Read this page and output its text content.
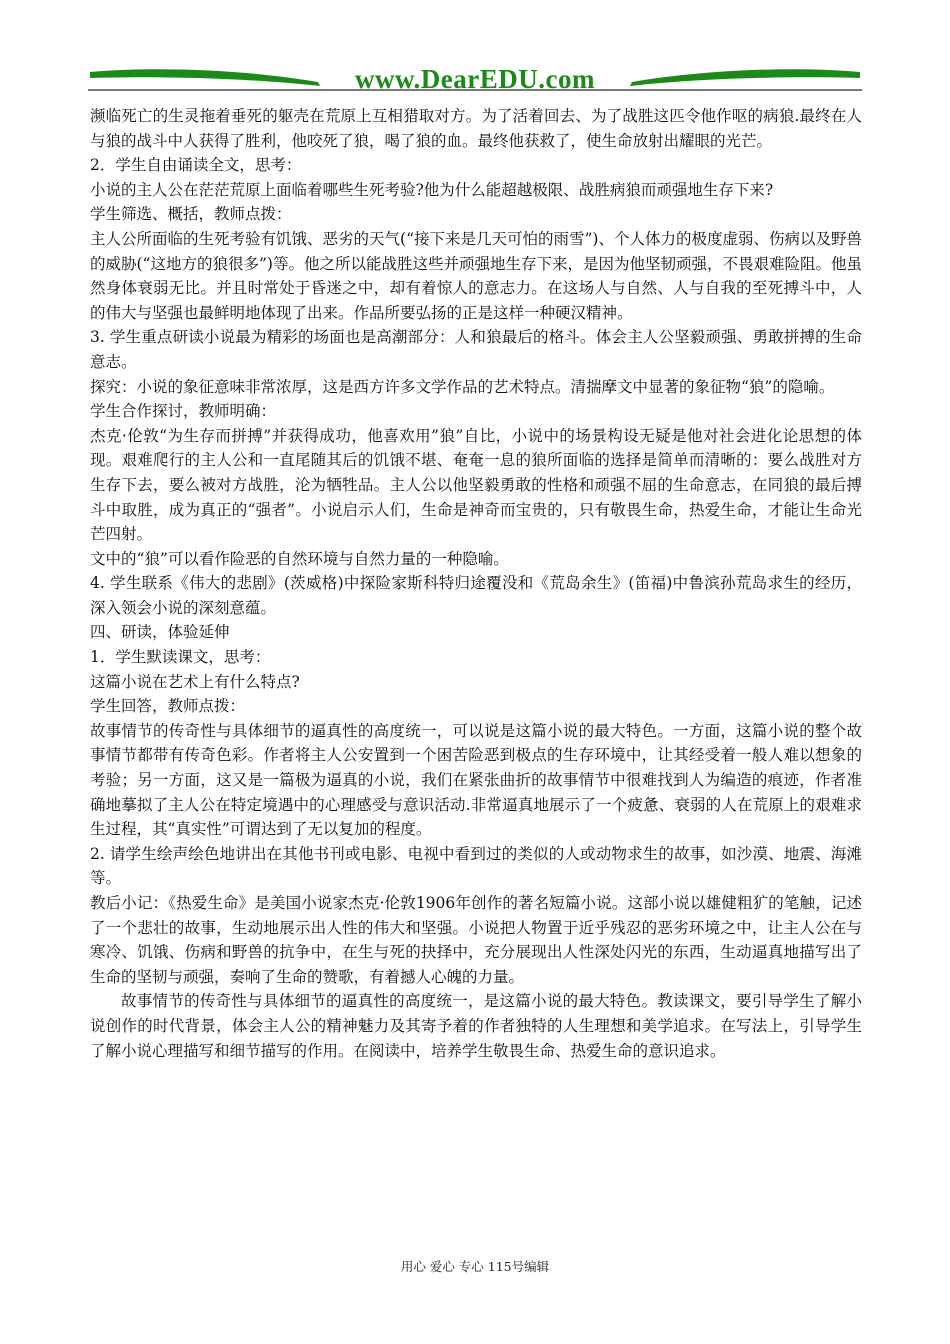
www.DearEDU.com

濒临死亡的生灵拖着垂死的躯壳在荒原上互相猎取对方。为了活着回去、为了战胜这匹令他作呕的病狼.最终在人与狼的战斗中人获得了胜利，他咬死了狼，喝了狼的血。最终他获救了，使生命放射出耀眼的光芒。

2．学生自由诵读全文，思考：

小说的主人公在茫茫荒原上面临着哪些生死考验?他为什么能超越极限、战胜病狼而顽强地生存下来?

学生筛选、概括，教师点拨：

主人公所面临的生死考验有饥饿、恶劣的天气(“接下来是几天可怕的雨雪”)、个人体力的极度虚弱、伤病以及野兽的威胁(“这地方的狼很多”)等。他之所以能战胜这些并顽强地生存下来，是因为他坚韧顽强，不畏艰难险阻。他虽然身体衰弱无比。并且时常处于昏迷之中，却有着惊人的意志力。在这场人与自然、人与自我的至死搏斗中，人的伟大与坚强也最鲜明地体现了出来。作品所要弘扬的正是这样一种硬汉精神。

3. 学生重点研读小说最为精彩的场面也是高潮部分：人和狼最后的格斗。体会主人公坚毅顽强、勇敢拼搏的生命意志。

探究：小说的象征意味非常浓厚，这是西方许多文学作品的艺术特点。清揣摩文中显著的象征物“狼”的隐喻。

学生合作探讨，教师明确：

杰克·伦敦“为生存而拼搏”并获得成功，他喜欢用”狼”自比，小说中的场景构设无疑是他对社会进化论思想的体现。艰难爬行的主人公和一直尾随其后的饥饿不堪、奄奄一息的狼所面临的选择是简单而清晰的：要么战胜对方生存下去，要么被对方战胜，沦为牺牲品。主人公以他坚毅勇敢的性格和顽强不屈的生命意志，在同狼的最后搏斗中取胜，成为真正的“强者”。小说启示人们，生命是神奇而宝贵的，只有敬畏生命，热爱生命，才能让生命光芒四射。

文中的“狼”可以看作险恶的自然环境与自然力量的一种隐喻。

4. 学生联系《伟大的悲剧》(茨威格)中探险家斯科特归途覆没和《荒岛余生》(笛福)中鲁滨孙荒岛求生的经历，深入领会小说的深刻意蕴。

四、研读，体验延伸

1．学生默读课文，思考：

这篇小说在艺术上有什么特点?

学生回答，教师点拨：

故事情节的传奇性与具体细节的逼真性的高度统一，可以说是这篇小说的最大特色。一方面，这篇小说的整个故事情节都带有传奇色彩。作者将主人公安置到一个困苦险恶到极点的生存环境中，让其经受着一般人难以想象的考验；另一方面，这又是一篇极为逼真的小说，我们在紧张曲折的故事情节中很难找到人为编造的痕迹，作者准确地摹拟了主人公在特定境遇中的心理感受与意识活动.非常逼真地展示了一个疲惫、衰弱的人在荒原上的艰难求生过程，其“真实性”可谓达到了无以复加的程度。

2. 请学生绘声绘色地讲出在其他书刊或电影、电视中看到过的类似的人或动物求生的故事，如沙漠、地震、海滩等。

教后小记：《热爱生命》是美国小说家杰克·伦敦1906年创作的著名短篇小说。这部小说以雄健粗犷的笔触，记述了一个悲壮的故事，生动地展示出人性的伟大和坚强。小说把人物置于近乎残忍的恶劣环境之中，让主人公在与寒冷、饥饿、伤病和野兽的抗争中，在生与死的抉择中，充分展现出人性深处闪光的东西，生动逼真地描写出了生命的坚韧与顽强，奏响了生命的赞歌，有着撼人心魄的力量。

故事情节的传奇性与具体细节的逼真性的高度统一，是这篇小说的最大特色。教读课文，要引导学生了解小说创作的时代背景，体会主人公的精神魅力及其寄予着的作者独特的人生理想和美学追求。在写法上，引导学生了解小说心理描写和细节描写的作用。在阅读中，培养学生敬畏生命、热爱生命的意识追求。

用心 爱心 专心 115号编辑
